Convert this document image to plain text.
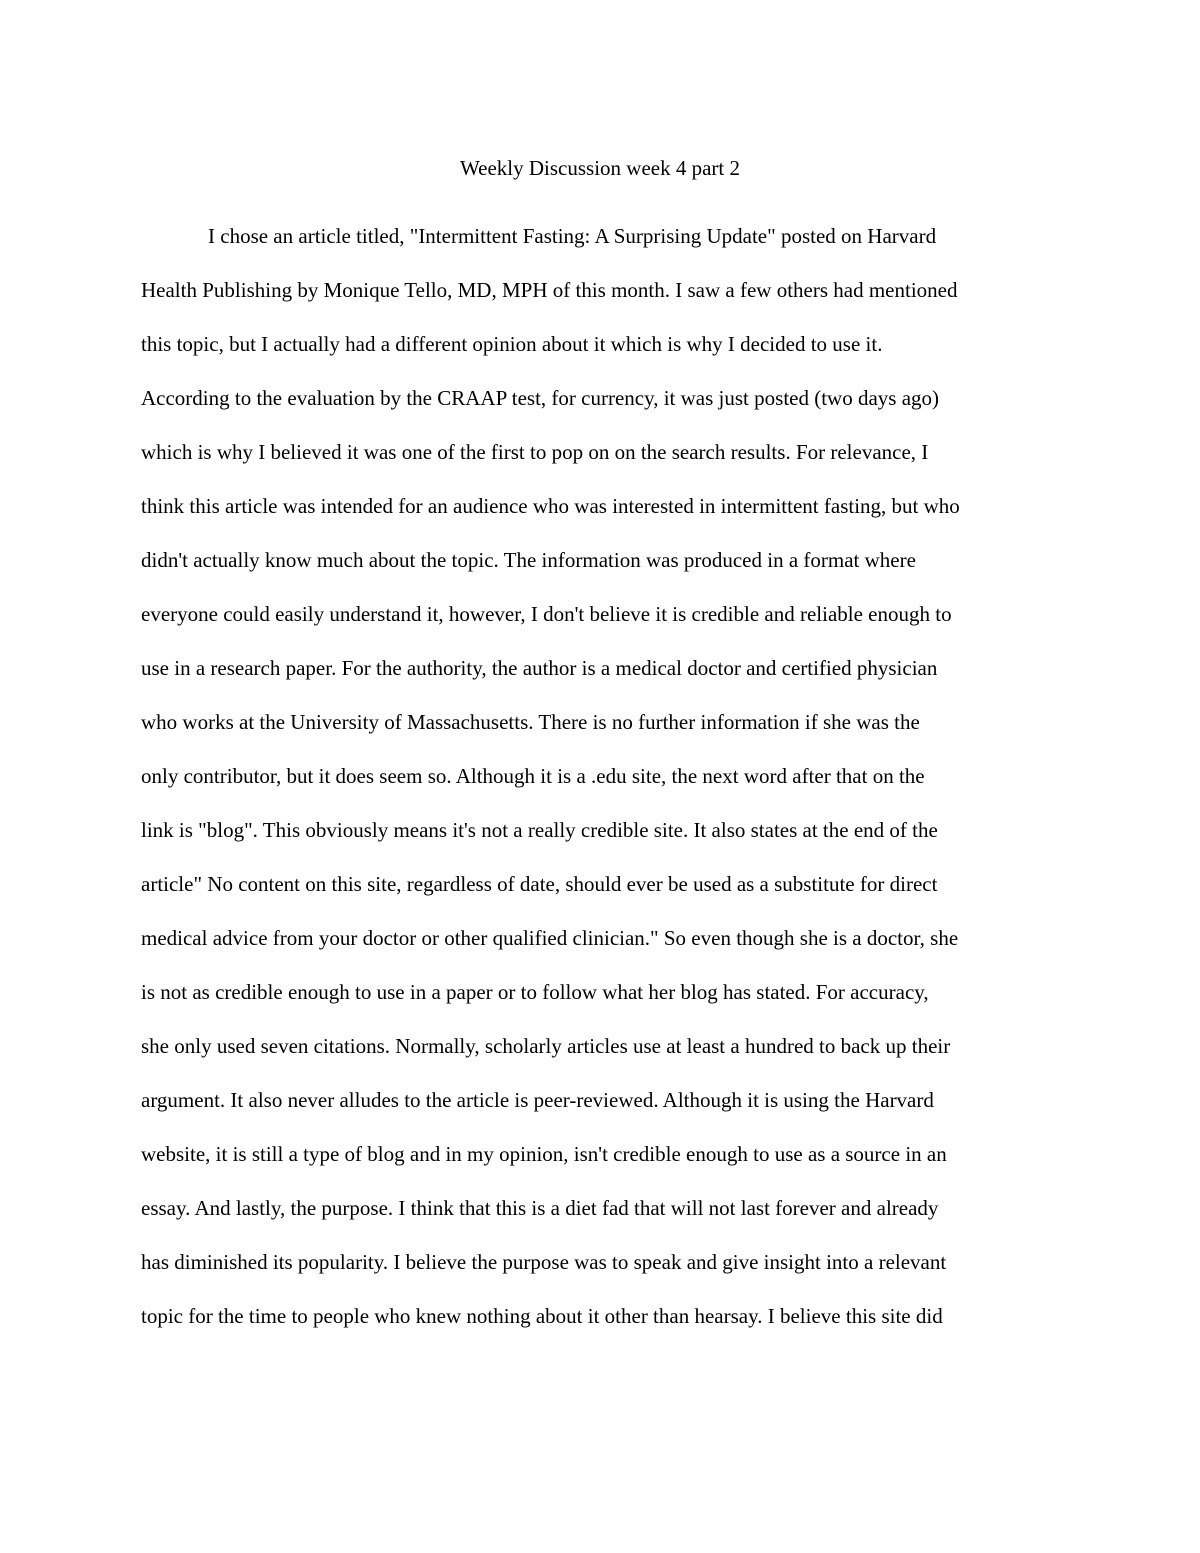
Weekly Discussion week 4 part 2
I chose an article titled, "Intermittent Fasting: A Surprising Update" posted on Harvard
Health Publishing by Monique Tello, MD, MPH of this month. I saw a few others had mentioned
this topic, but I actually had a different opinion about it which is why I decided to use it.
According to the evaluation by the CRAAP test, for currency, it was just posted (two days ago)
which is why I believed it was one of the first to pop on on the search results. For relevance, I
think this article was intended for an audience who was interested in intermittent fasting, but who
didn't actually know much about the topic. The information was produced in a format where
everyone could easily understand it, however, I don't believe it is credible and reliable enough to
use in a research paper. For the authority, the author is a medical doctor and certified physician
who works at the University of Massachusetts. There is no further information if she was the
only contributor, but it does seem so. Although it is a .edu site, the next word after that on the
link is "blog". This obviously means it's not a really credible site. It also states at the end of the
article" No content on this site, regardless of date, should ever be used as a substitute for direct
medical advice from your doctor or other qualified clinician." So even though she is a doctor, she
is not as credible enough to use in a paper or to follow what her blog has stated. For accuracy,
she only used seven citations. Normally, scholarly articles use at least a hundred to back up their
argument. It also never alludes to the article is peer-reviewed. Although it is using the Harvard
website, it is still a type of blog and in my opinion, isn't credible enough to use as a source in an
essay. And lastly, the purpose. I think that this is a diet fad that will not last forever and already
has diminished its popularity. I believe the purpose was to speak and give insight into a relevant
topic for the time to people who knew nothing about it other than hearsay. I believe this site did
